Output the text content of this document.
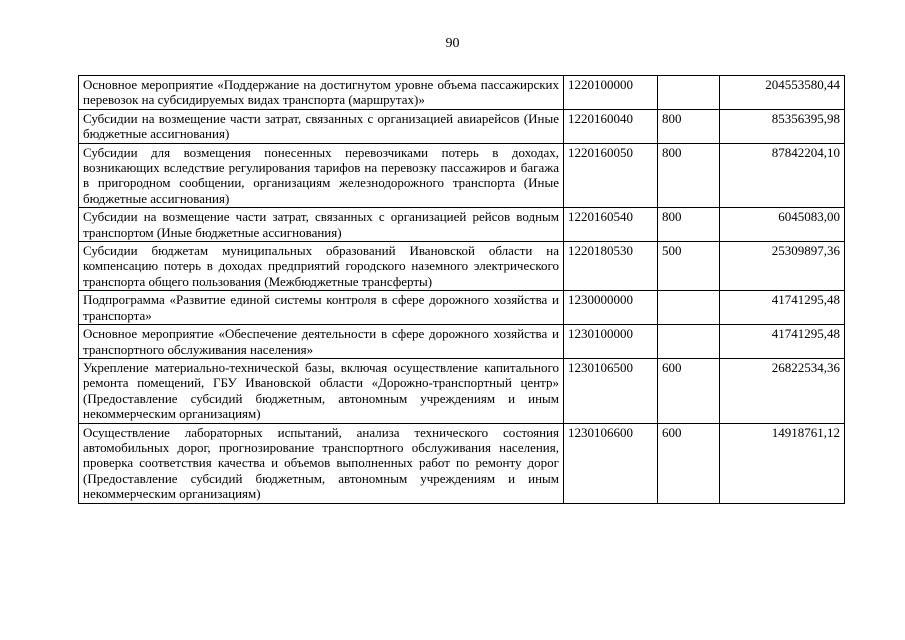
90
Основное мероприятие «Поддержание на достигнутом уровне объема пассажирских перевозок на субсидируемых видах транспорта (маршрутах)»	1220100000		204553580,44
Субсидии на возмещение части затрат, связанных с организацией авиарейсов (Иные бюджетные ассигнования)	1220160040	800	85356395,98
Субсидии для возмещения понесенных перевозчиками потерь в доходах, возникающих вследствие регулирования тарифов на перевозку пассажиров и багажа в пригородном сообщении, организациям железнодорожного транспорта (Иные бюджетные ассигнования)	1220160050	800	87842204,10
Субсидии на возмещение части затрат, связанных с организацией рейсов водным транспортом (Иные бюджетные ассигнования)	1220160540	800	6045083,00
Субсидии бюджетам муниципальных образований Ивановской области на компенсацию потерь в доходах предприятий городского наземного электрического транспорта общего пользования (Межбюджетные трансферты)	1220180530	500	25309897,36
Подпрограмма «Развитие единой системы контроля в сфере дорожного хозяйства и транспорта»	1230000000		41741295,48
Основное мероприятие «Обеспечение деятельности в сфере дорожного хозяйства и транспортного обслуживания населения»	1230100000		41741295,48
Укрепление материально-технической базы, включая осуществление капитального ремонта помещений, ГБУ Ивановской области «Дорожно-транспортный центр» (Предоставление субсидий бюджетным, автономным учреждениям и иным некоммерческим организациям)	1230106500	600	26822534,36
Осуществление лабораторных испытаний, анализа технического состояния автомобильных дорог, прогнозирование транспортного обслуживания населения, проверка соответствия качества и объемов выполненных работ по ремонту дорог (Предоставление субсидий бюджетным, автономным учреждениям и иным некоммерческим организациям)	1230106600	600	14918761,12
